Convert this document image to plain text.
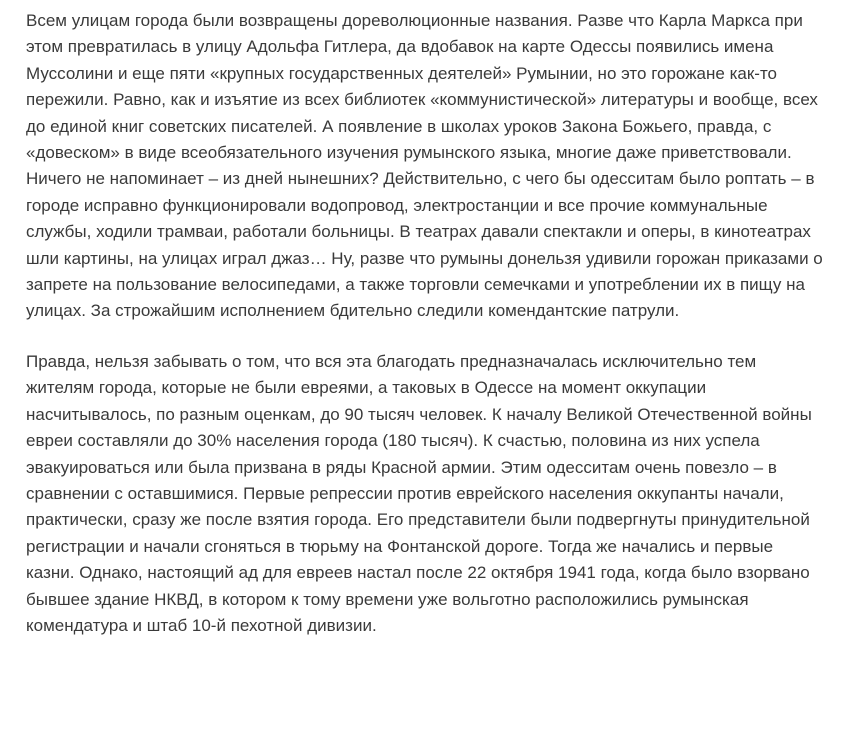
Всем улицам города были возвращены дореволюционные названия. Разве что Карла Маркса при этом превратилась в улицу Адольфа Гитлера, да вдобавок на карте Одессы появились имена Муссолини и еще пяти «крупных государственных деятелей» Румынии, но это горожане как-то пережили. Равно, как и изъятие из всех библиотек «коммунистической» литературы и вообще, всех до единой книг советских писателей. А появление в школах уроков Закона Божьего, правда, с «довеском» в виде всеобязательного изучения румынского языка, многие даже приветствовали. Ничего не напоминает – из дней нынешних? Действительно, с чего бы одесситам было роптать – в городе исправно функционировали водопровод, электростанции и все прочие коммунальные службы, ходили трамваи, работали больницы. В театрах давали спектакли и оперы, в кинотеатрах шли картины, на улицах играл джаз… Ну, разве что румыны донельзя удивили горожан приказами о запрете на пользование велосипедами, а также торговли семечками и употреблении их в пищу на улицах. За строжайшим исполнением бдительно следили комендантские патрули.

Правда, нельзя забывать о том, что вся эта благодать предназначалась исключительно тем жителям города, которые не были евреями, а таковых в Одессе на момент оккупации насчитывалось, по разным оценкам, до 90 тысяч человек. К началу Великой Отечественной войны евреи составляли до 30% населения города (180 тысяч). К счастью, половина из них успела эвакуироваться или была призвана в ряды Красной армии. Этим одесситам очень повезло – в сравнении с оставшимися. Первые репрессии против еврейского населения оккупанты начали, практически, сразу же после взятия города. Его представители были подвергнуты принудительной регистрации и начали сгоняться в тюрьму на Фонтанской дороге. Тогда же начались и первые казни. Однако, настоящий ад для евреев настал после 22 октября 1941 года, когда было взорвано бывшее здание НКВД, в котором к тому времени уже вольготно расположились румынская комендатура и штаб 10-й пехотной дивизии.
